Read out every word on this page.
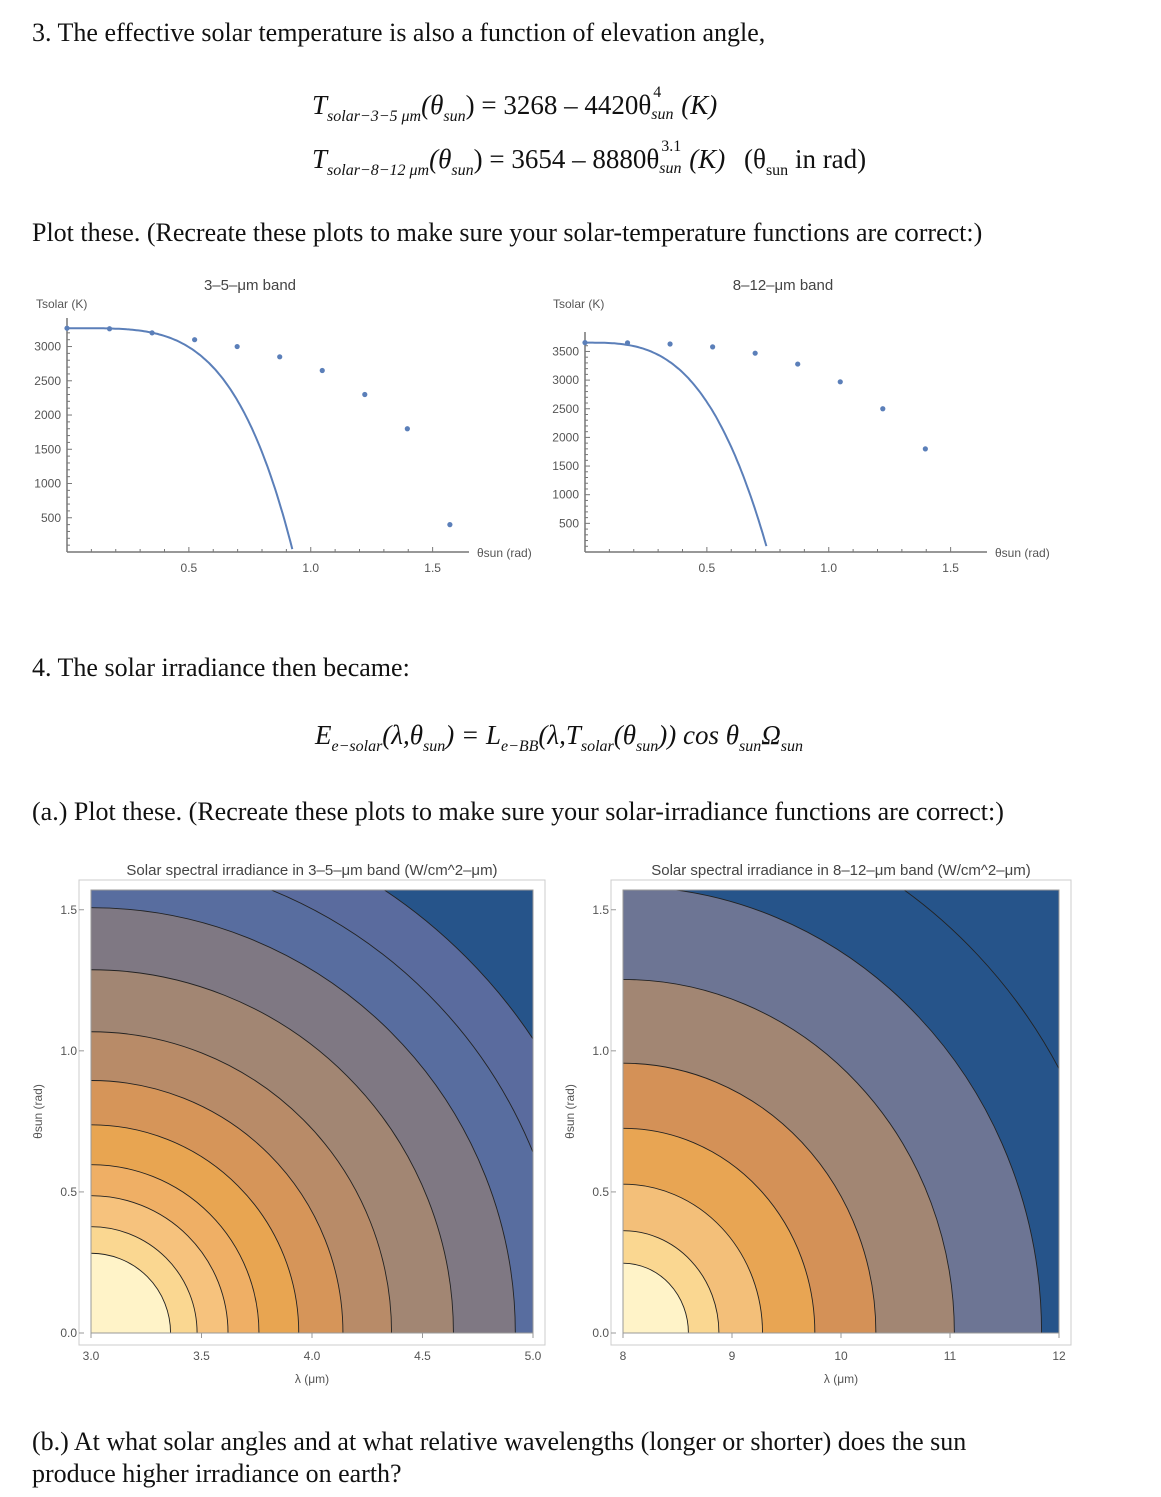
3. The effective solar temperature is also a function of elevation angle,
$T_{solar-3-5 \mu m}(\theta_{sun}) = 3268 - 4420\theta$ 4
sun (K)
$T_{solar-8-12 \mu m}(\theta_{sun}) = 3654 - 8880\theta$ 3.1
sun (K) ($\theta_{sun}$ in rad)
Plot these. (Recreate these plots to make sure your solar-temperature functions are correct:)
3–5–μm band
Tsolar (K)
θsun (rad)
0.5	1.0	1.5
500
1000
1500
2000
2500
3000
8–12–μm band
Tsolar (K)
θsun (rad)
0.5	1.0	1.5
500
1000
1500
2000
2500
3000
3500
4. The solar irradiance then became:
$E_{e-solar}(\lambda,\theta_{sun}) = L_{e-BB}(\lambda,T_{solar}(\theta_{sun}))$ $\cos \theta_{sun}\Omega_{sun}$
(a.) Plot these. (Recreate these plots to make sure your solar-irradiance functions are correct:)
Solar spectral irradiance in 3–5–μm band (W/cm^2–μm)
3.0	3.5	4.0	4.5	5.0
0.0
0.5
1.0
1.5
λ (μm)
θsun (rad)
Solar spectral irradiance in 8–12–μm band (W/cm^2–μm)
8	9	10	11	12
0.0
0.5
1.0
1.5
λ (μm)
θsun (rad)
(b.) At what solar angles and at what relative wavelengths (longer or shorter) does the sun
produce higher irradiance on earth?
